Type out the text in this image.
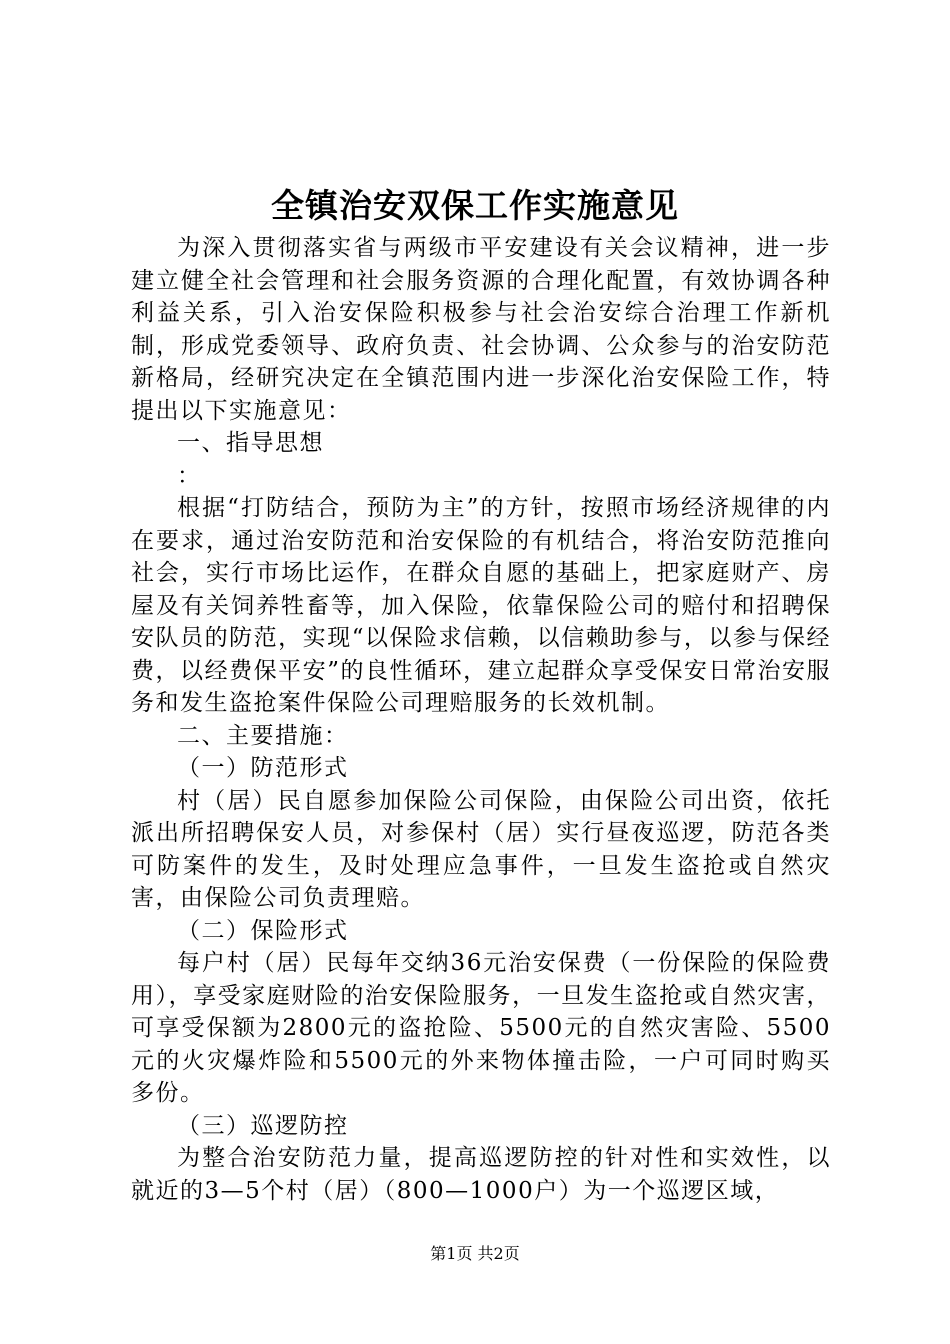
全镇治安双保工作实施意见

为深入贯彻落实省与两级市平安建设有关会议精神，进一步建立健全社会管理和社会服务资源的合理化配置，有效协调各种利益关系，引入治安保险积极参与社会治安综合治理工作新机制，形成党委领导、政府负责、社会协调、公众参与的治安防范新格局，经研究决定在全镇范围内进一步深化治安保险工作，特提出以下实施意见：

一、指导思想

：

根据“打防结合，预防为主”的方针，按照市场经济规律的内在要求，通过治安防范和治安保险的有机结合，将治安防范推向社会，实行市场比运作，在群众自愿的基础上，把家庭财产、房屋及有关饲养牲畜等，加入保险，依靠保险公司的赔付和招聘保安队员的防范，实现“以保险求信赖，以信赖助参与，以参与保经费，以经费保平安”的良性循环，建立起群众享受保安日常治安服务和发生盗抢案件保险公司理赔服务的长效机制。

二、主要措施：

（一）防范形式

村（居）民自愿参加保险公司保险，由保险公司出资，依托派出所招聘保安人员，对参保村（居）实行昼夜巡逻，防范各类可防案件的发生，及时处理应急事件，一旦发生盗抢或自然灾害，由保险公司负责理赔。

（二）保险形式

每户村（居）民每年交纳36元治安保费（一份保险的保险费用），享受家庭财险的治安保险服务，一旦发生盗抢或自然灾害，可享受保额为2800元的盗抢险、5500元的自然灾害险、5500元的火灾爆炸险和5500元的外来物体撞击险，一户可同时购买多份。

（三）巡逻防控

为整合治安防范力量，提高巡逻防控的针对性和实效性，以就近的3—5个村（居）（800—1000户）为一个巡逻区域，

第1页 共2页
